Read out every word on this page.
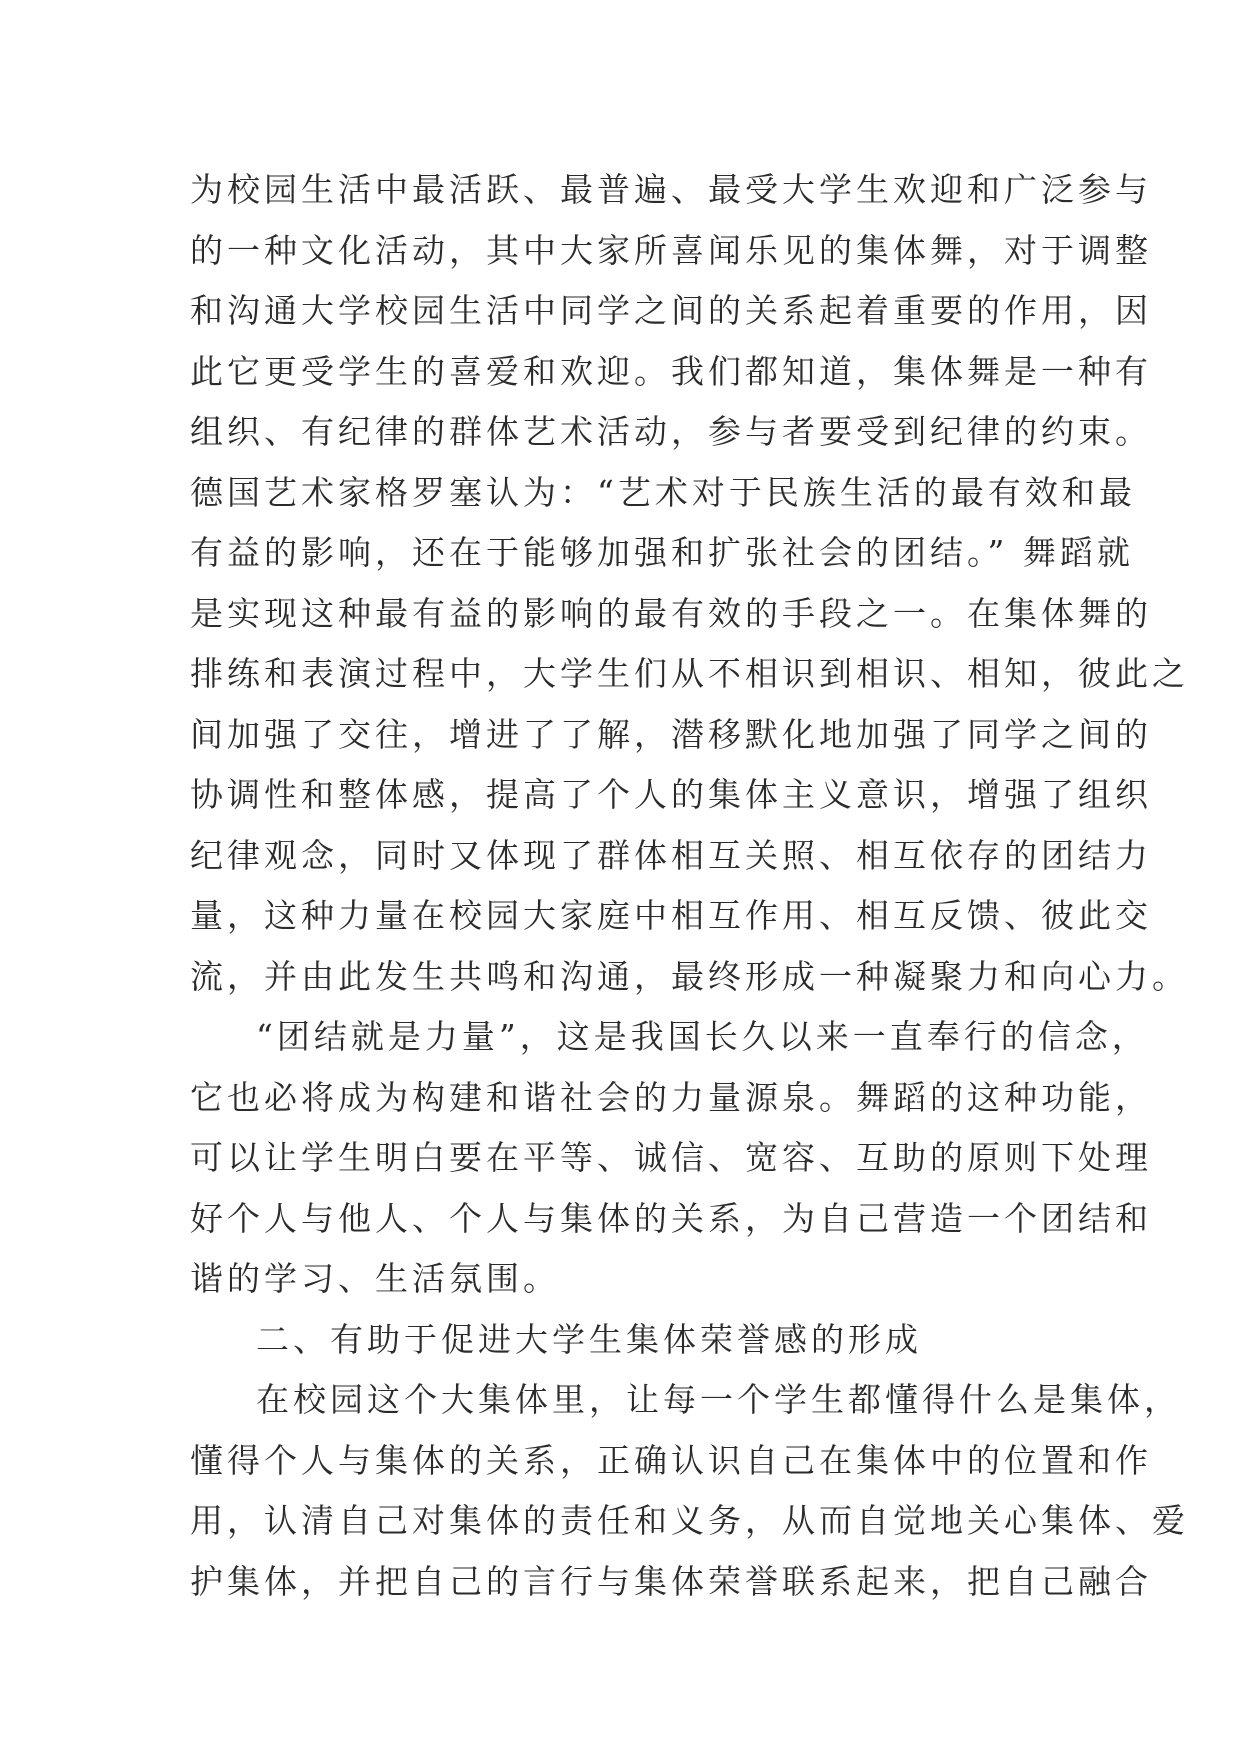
为校园生活中最活跃、最普遍、最受大学生欢迎和广泛参与
的一种文化活动，其中大家所喜闻乐见的集体舞，对于调整
和沟通大学校园生活中同学之间的关系起着重要的作用，因
此它更受学生的喜爱和欢迎。我们都知道，集体舞是一种有
组织、有纪律的群体艺术活动，参与者要受到纪律的约束。
德国艺术家格罗塞认为：“艺术对于民族生活的最有效和最
有益的影响，还在于能够加强和扩张社会的团结。” 舞蹈就
是实现这种最有益的影响的最有效的手段之一。在集体舞的
排练和表演过程中，大学生们从不相识到相识、相知，彼此之
间加强了交往，增进了了解，潜移默化地加强了同学之间的
协调性和整体感，提高了个人的集体主义意识，增强了组织
纪律观念，同时又体现了群体相互关照、相互依存的团结力
量，这种力量在校园大家庭中相互作用、相互反馈、彼此交
流，并由此发生共鸣和沟通，最终形成一种凝聚力和向心力。
“团结就是力量”，这是我国长久以来一直奉行的信念，
它也必将成为构建和谐社会的力量源泉。舞蹈的这种功能，
可以让学生明白要在平等、诚信、宽容、互助的原则下处理
好个人与他人、个人与集体的关系，为自己营造一个团结和
谐的学习、生活氛围。
二、有助于促进大学生集体荣誉感的形成
在校园这个大集体里，让每一个学生都懂得什么是集体，
懂得个人与集体的关系，正确认识自己在集体中的位置和作
用，认清自己对集体的责任和义务，从而自觉地关心集体、爱
护集体，并把自己的言行与集体荣誉联系起来，把自己融合
